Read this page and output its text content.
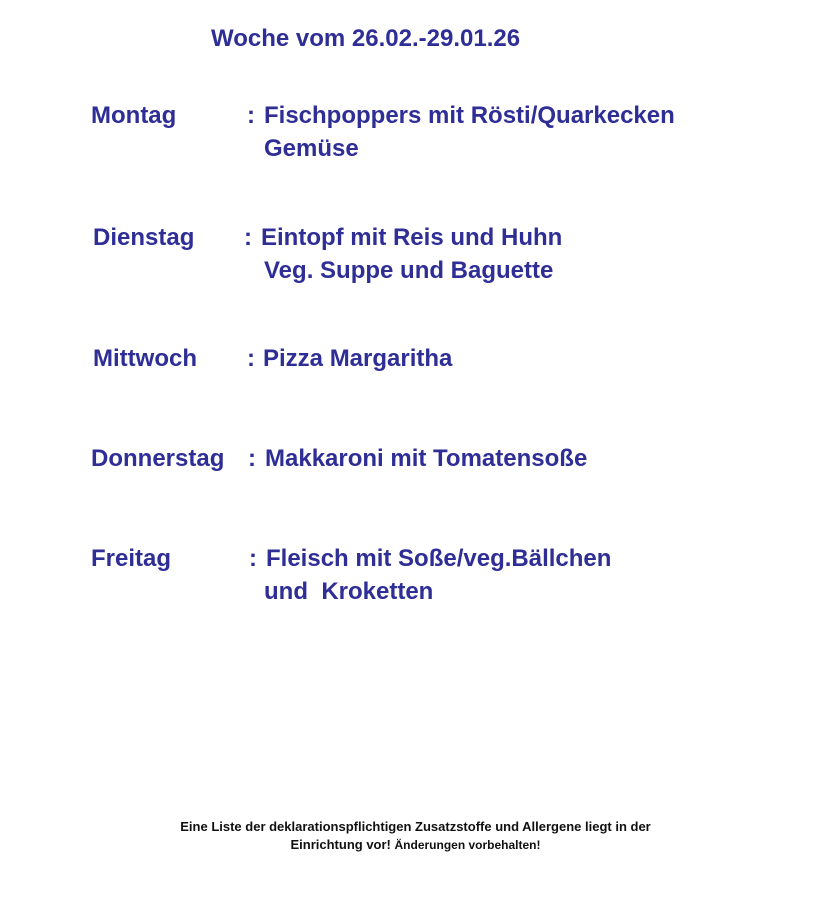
Woche vom 26.02.-29.01.26
Montag	: Fischpoppers mit Rösti/Quarkecken
Gemüse
Dienstag : Eintopf mit Reis und Huhn
Veg. Suppe und Baguette
Mittwoch : Pizza Margaritha
Donnerstag : Makkaroni mit Tomatensoße
Freitag	: Fleisch mit Soße/veg.Bällchen
und  Kroketten
Eine Liste der deklarationspflichtigen Zusatzstoffe und Allergene liegt in der
Einrichtung vor! Änderungen vorbehalten!
